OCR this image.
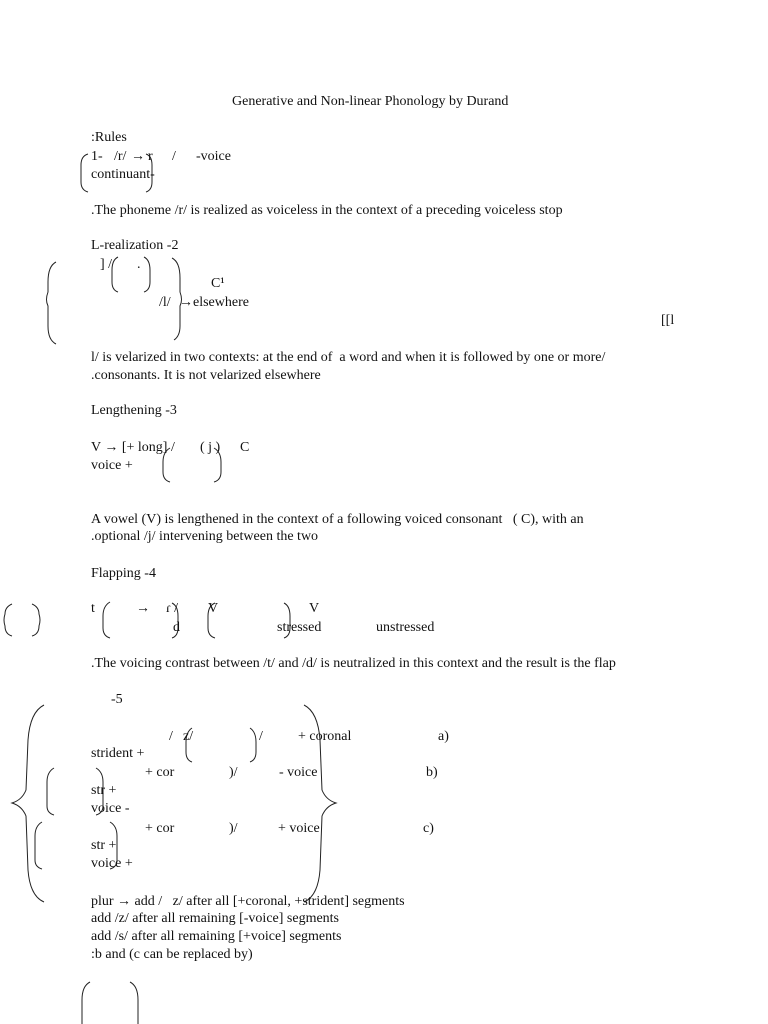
Generative and Non-linear Phonology by Durand
:Rules
1- /r/ → r / -voice
continuant-
.The phoneme /r/ is realized as voiceless in the context of a preceding voiceless stop
L-realization -2
] / .
C¹
/l/ →elsewhere
[[l
l/ is velarized in two contexts: at the end of  a word and when it is followed by one or more/
.consonants. It is not velarized elsewhere
Lengthening -3
V → [+ long] / ( j ) C
voice +
A vowel (V) is lengthened in the context of a following voiced consonant   ( C), with an
.optional /j/ intervening between the two
Flapping -4
t	→ ɾ / V	V
d	stressed	unstressed
.The voicing contrast between /t/ and /d/ is neutralized in this context and the result is the flap
-5
/ z/	/	+ coronal	a)
strident +
+ cor	)/	- voice	b)
str +
voice -
+ cor	)/	+ voice	c)
str +
voice +
plur → add /   z/ after all [+coronal, +strident] segments
add /z/ after all remaining [-voice] segments
add /s/ after all remaining [+voice] segments
:b and (c can be replaced by)
